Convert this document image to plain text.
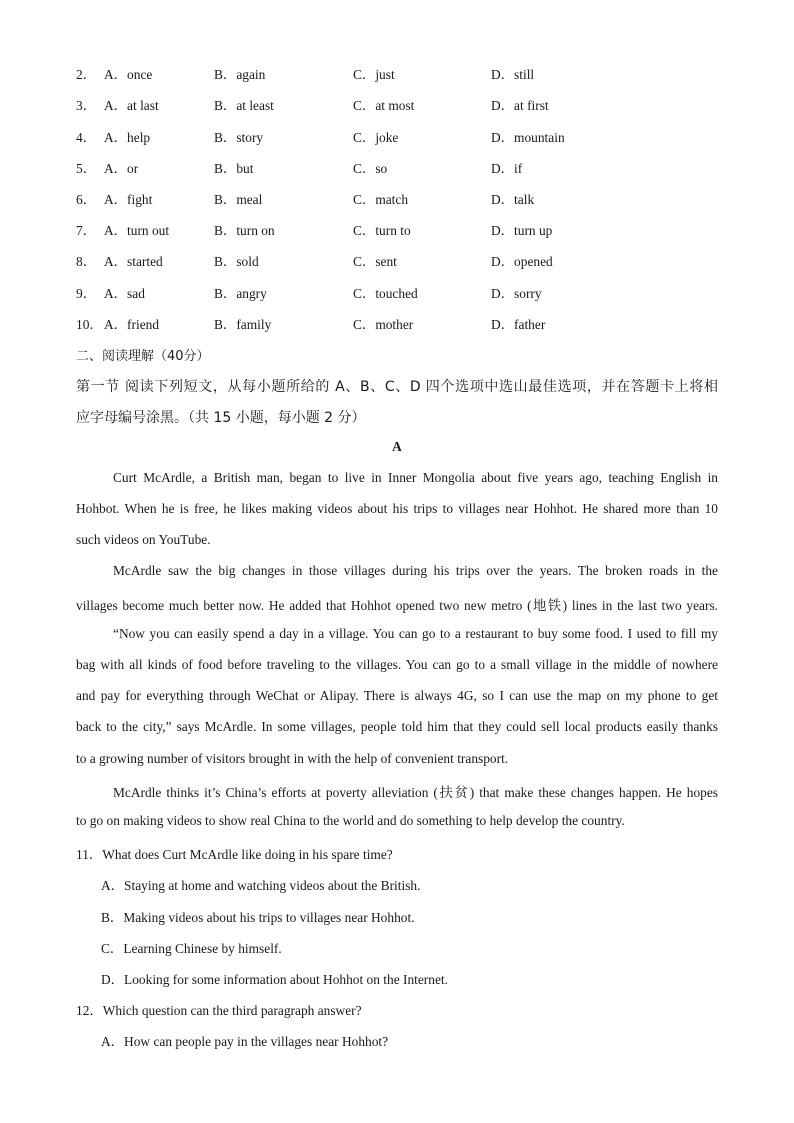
2． A．once	B．again	C．just	D．still
3． A．at last	B．at least	C．at most	D．at first
4． A．help	B．story	C．joke	D．mountain
5． A．or	B．but	C．so	D．if
6． A．fight	B．meal	C．match	D．talk
7． A．turn out	B．turn on	C．turn to	D．turn up
8． A．started	B．sold	C．sent	D．opened
9． A．sad	B．angry	C．touched	D．sorry
10． A．friend	B．family	C．mother	D．father
二、阅读理解（40分）
第一节 阅读下列短文，从每小题所给的 A、B、C、D 四个选项中选山最佳选项，并在答题卡上将相
应字母编号涂黑。（共 15 小题，每小题 2 分）
A
Curt McArdle, a British man, began to live in Inner Mongolia about five years ago, teaching English in
Hohbot. When he is free, he likes making videos about his trips to villages near Hohhot. He shared more than 10
such videos on YouTube.
McArdle saw the big changes in those villages during his trips over the years. The broken roads in the
villages become much better now. He added that Hohhot opened two new metro (地铁) lines in the last two years.
“Now you can easily spend a day in a village. You can go to a restaurant to buy some food. I used to fill my
bag with all kinds of food before traveling to the villages. You can go to a small village in the middle of nowhere
and pay for everything through WeChat or Alipay. There is always 4G, so I can use the map on my phone to get
back to the city,” says McArdle. In some villages, people told him that they could sell local products easily thanks
to a growing number of visitors brought in with the help of convenient transport.
McArdle thinks it’s China’s efforts at poverty alleviation (扶贫) that make these changes happen. He hopes
to go on making videos to show real China to the world and do something to help develop the country.
11．What does Curt McArdle like doing in his spare time?
A．Staying at home and watching videos about the British.
B．Making videos about his trips to villages near Hohhot.
C．Learning Chinese by himself.
D．Looking for some information about Hohhot on the Internet.
12．Which question can the third paragraph answer?
A．How can people pay in the villages near Hohhot?
